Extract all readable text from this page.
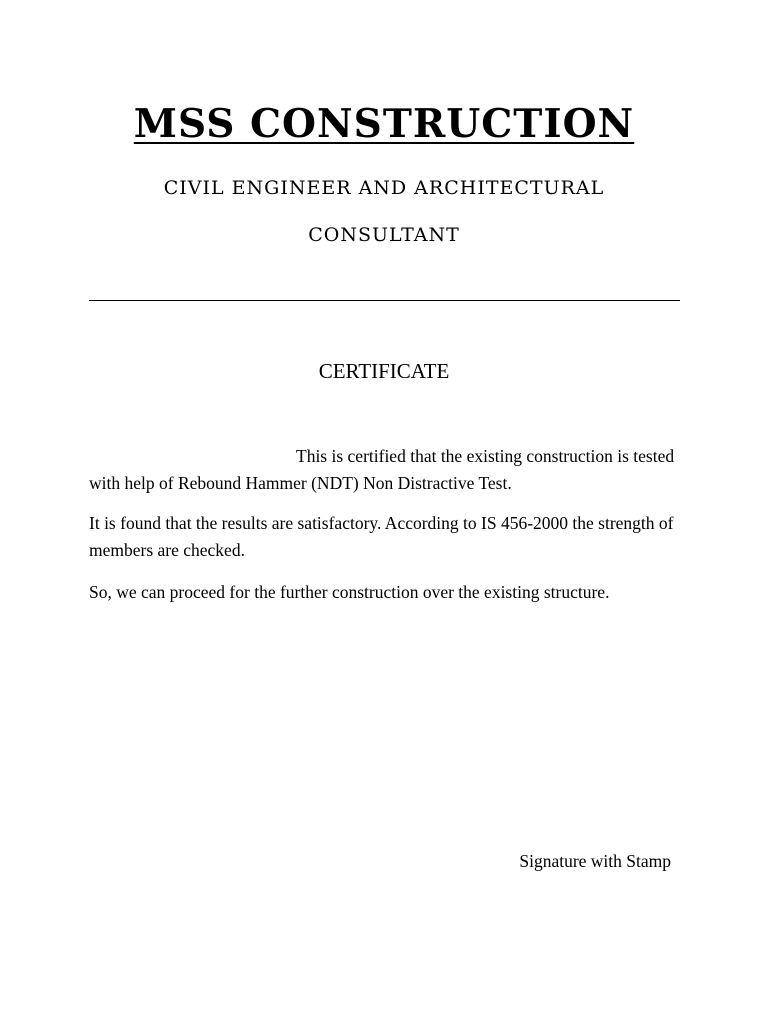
MSS CONSTRUCTION
CIVIL ENGINEER AND ARCHITECTURAL
CONSULTANT
CERTIFICATE

This is certified that the existing construction is tested with help of Rebound Hammer (NDT) Non Distractive Test.

It is found that the results are satisfactory. According to IS 456-2000 the strength of members are checked.

So, we can proceed for the further construction over the existing structure.

Signature with Stamp
